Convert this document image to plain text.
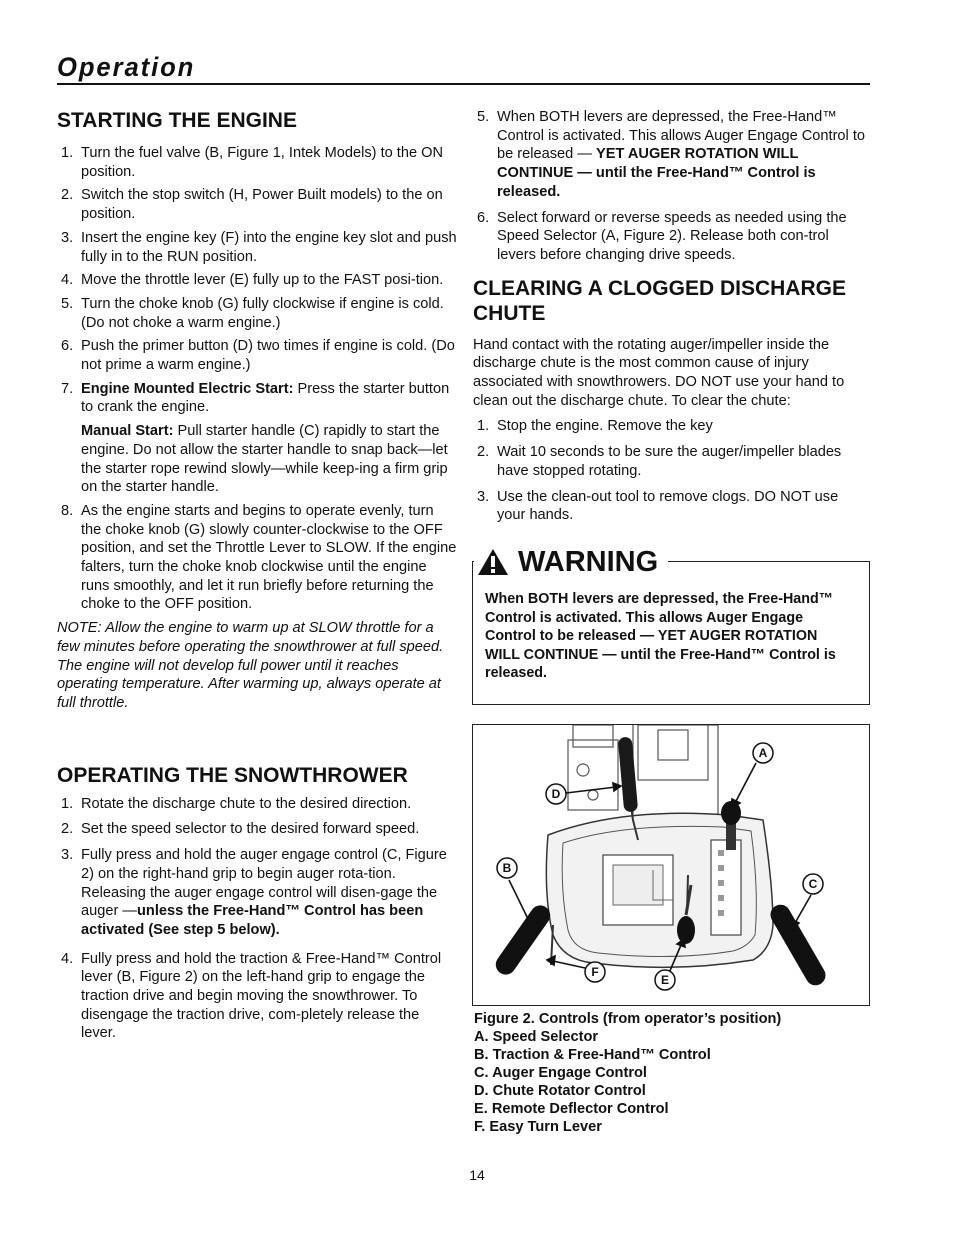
Operation
STARTING THE ENGINE
1. Turn the fuel valve (B, Figure 1, Intek Models) to the ON position.
2. Switch the stop switch (H, Power Built models) to the on position.
3. Insert the engine key (F) into the engine key slot and push fully in to the RUN position.
4. Move the throttle lever (E) fully up to the FAST posi-tion.
5. Turn the choke knob (G) fully clockwise if engine is cold. (Do not choke a warm engine.)
6. Push the primer button (D) two times if engine is cold. (Do not prime a warm engine.)
7. Engine Mounted Electric Start: Press the starter button to crank the engine.

Manual Start: Pull starter handle (C) rapidly to start the engine. Do not allow the starter handle to snap back—let the starter rope rewind slowly—while keep-ing a firm grip on the starter handle.

8. As the engine starts and begins to operate evenly, turn the choke knob (G) slowly counter-clockwise to the OFF position, and set the Throttle Lever to SLOW. If the engine falters, turn the choke knob clockwise until the engine runs smoothly, and let it run briefly before returning the choke to the OFF position.

NOTE: Allow the engine to warm up at SLOW throttle for a few minutes before operating the snowthrower at full speed. The engine will not develop full power until it reaches operating temperature. After warming up, always operate at full throttle.

OPERATING THE SNOWTHROWER
1. Rotate the discharge chute to the desired direction.
2. Set the speed selector to the desired forward speed.
3. Fully press and hold the auger engage control (C, Figure 2) on the right-hand grip to begin auger rota-tion. Releasing the auger engage control will disen-gage the auger —unless the Free-Hand™ Control has been activated (See step 5 below).
4. Fully press and hold the traction & Free-Hand™ Control lever (B, Figure 2) on the left-hand grip to engage the traction drive and begin moving the snowthrower. To disengage the traction drive, com-pletely release the lever.
5. When BOTH levers are depressed, the Free-Hand™ Control is activated. This allows Auger Engage Control to be released — YET AUGER ROTATION WILL CONTINUE — until the Free-Hand™ Control is released.
6. Select forward or reverse speeds as needed using the Speed Selector (A, Figure 2). Release both con-trol levers before changing drive speeds.
CLEARING A CLOGGED DISCHARGE CHUTE

Hand contact with the rotating auger/impeller inside the discharge chute is the most common cause of injury associated with snowthrowers. DO NOT use your hand to clean out the discharge chute. To clear the chute:

1. Stop the engine. Remove the key
2. Wait 10 seconds to be sure the auger/impeller blades have stopped rotating.
3. Use the clean-out tool to remove clogs. DO NOT use your hands.
WARNING
When BOTH levers are depressed, the Free-Hand™ Control is activated. This allows Auger Engage Control to be released — YET AUGER ROTATION WILL CONTINUE — until the Free-Hand™ Control is released.
A
D
B
C
E
F
Figure 2. Controls (from operator’s position)
A. Speed Selector
B. Traction & Free-Hand™ Control
C. Auger Engage Control
D. Chute Rotator Control
E. Remote Deflector Control
F. Easy Turn Lever
14
